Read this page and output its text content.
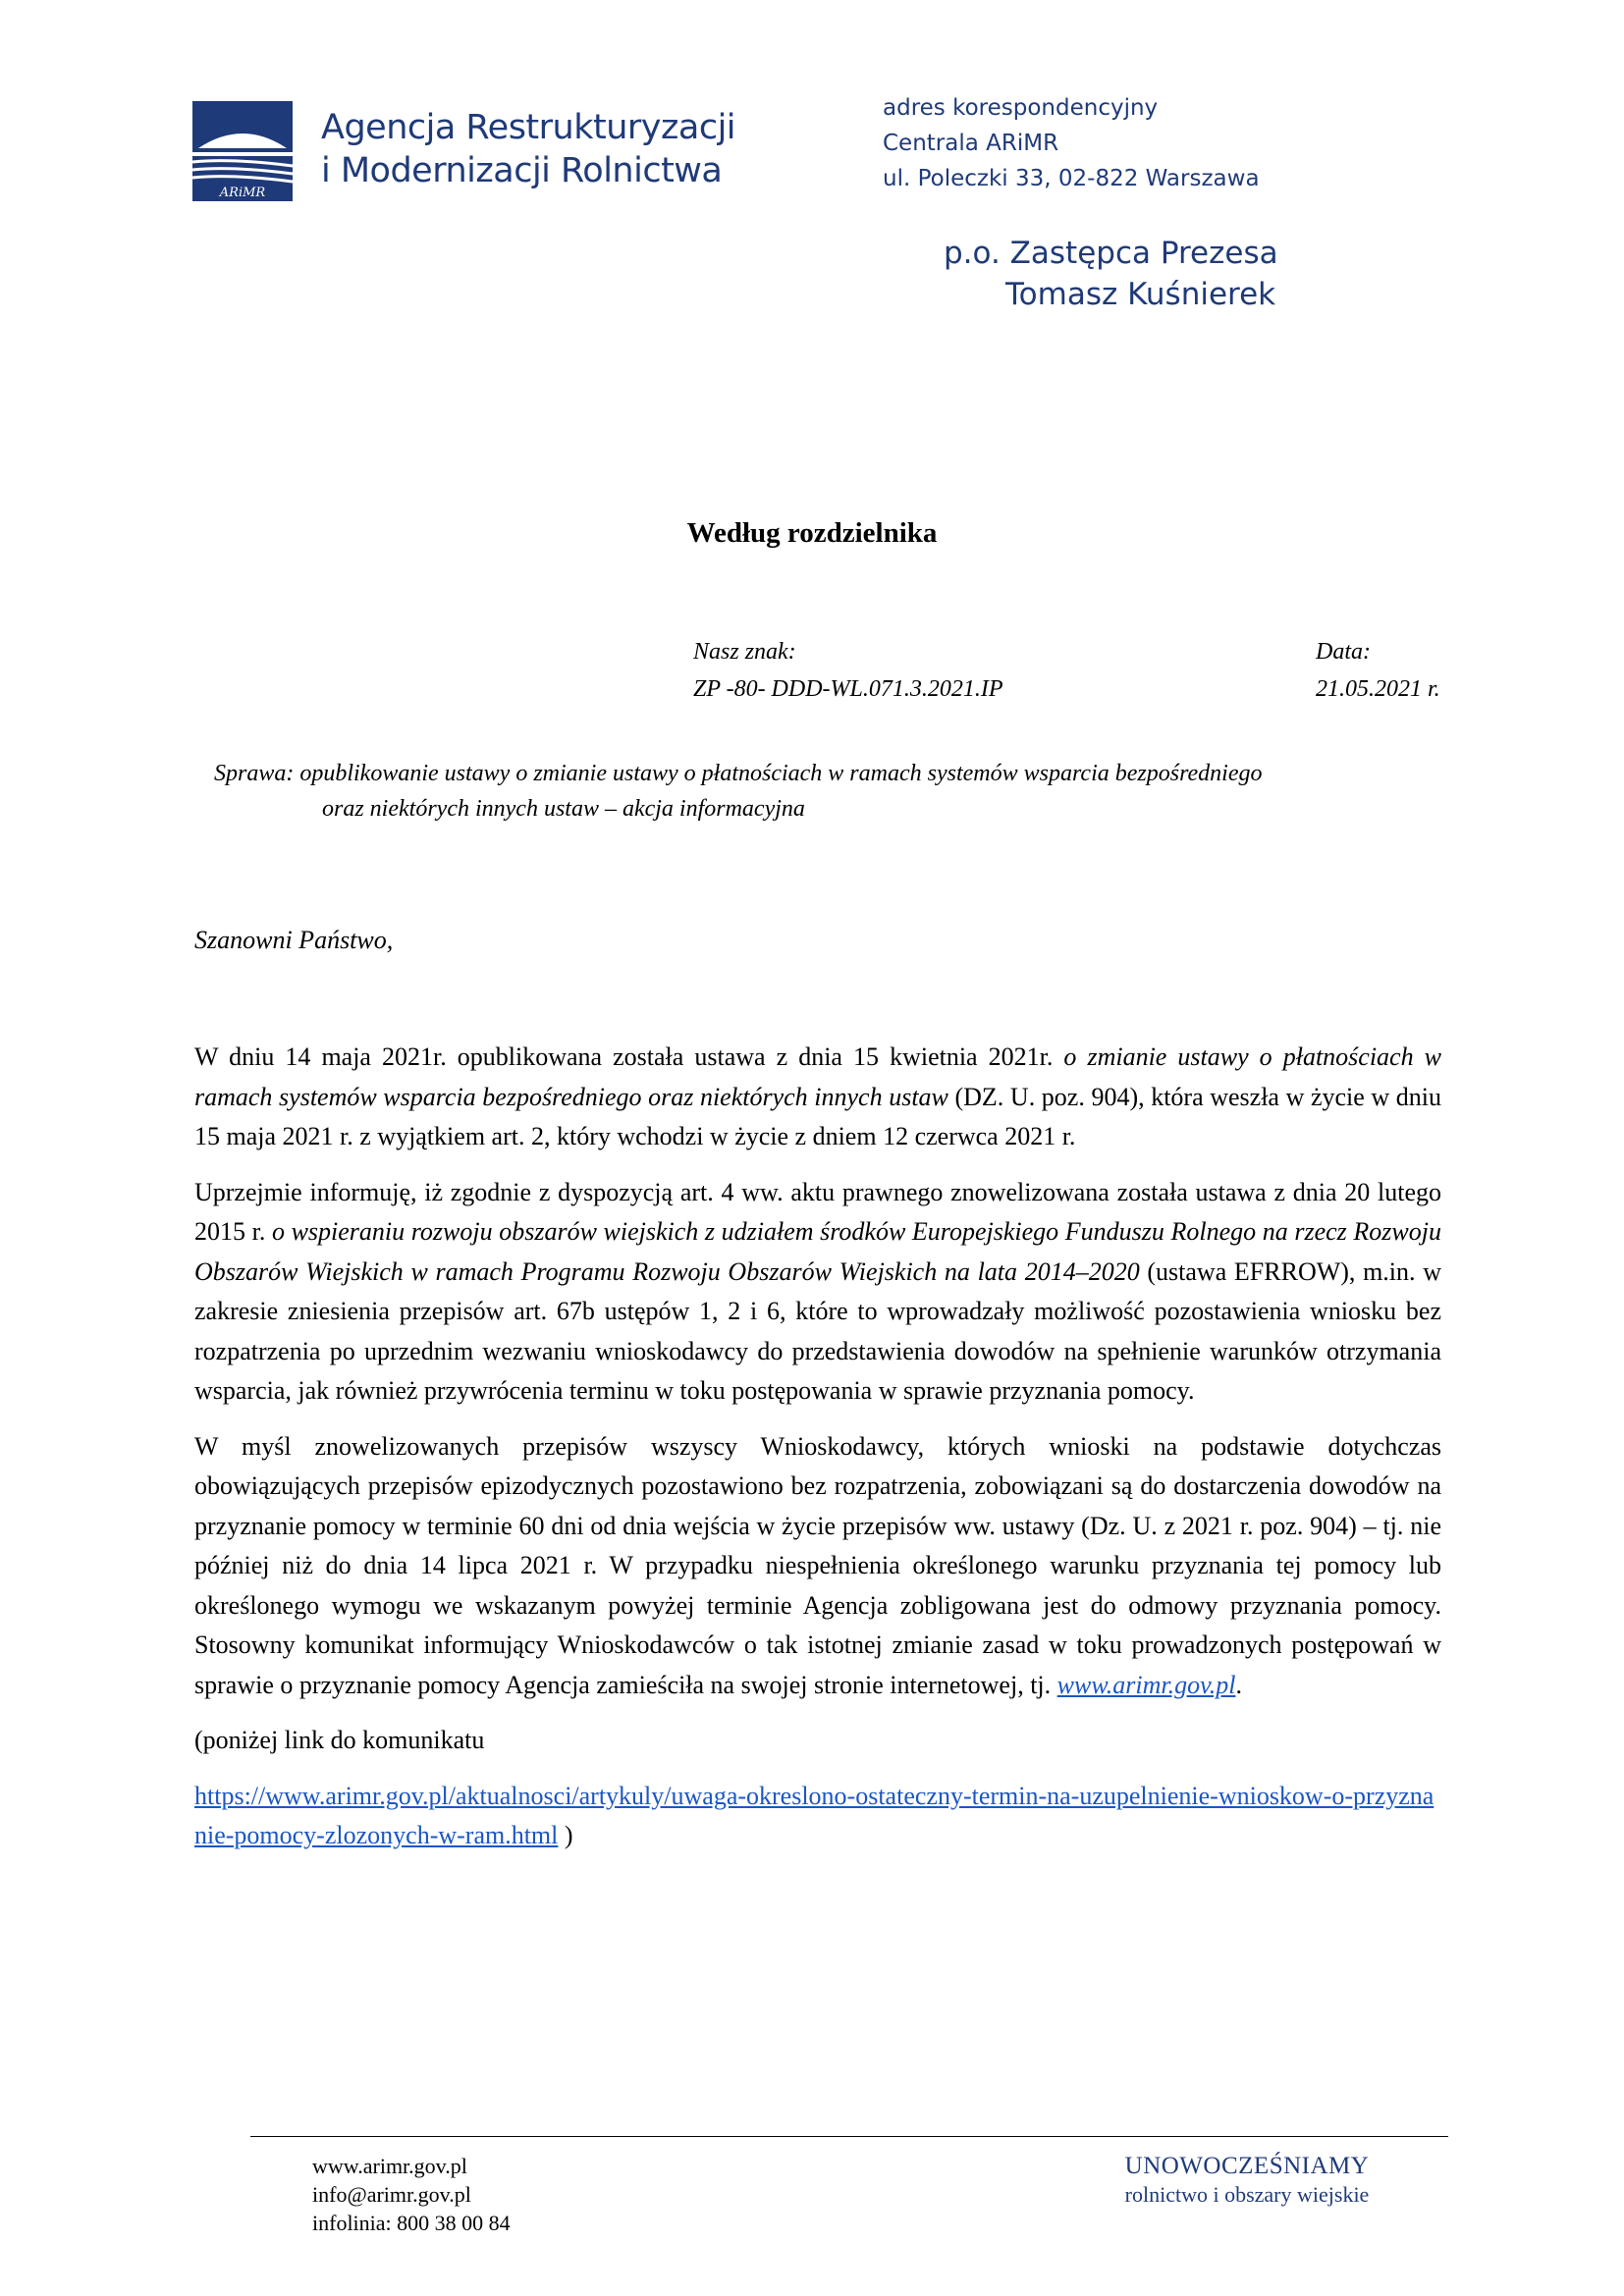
ARiMR
Agencja Restrukturyzacji
i Modernizacji Rolnictwa
adres korespondencyjny
Centrala ARiMR
ul. Poleczki 33, 02-822 Warszawa
p.o. Zastępca Prezesa
Tomasz Kuśnierek
Według rozdzielnika
Nasz znak:
ZP -80- DDD-WL.071.3.2021.IP
Data:
21.05.2021 r.
Sprawa: opublikowanie ustawy o zmianie ustawy o płatnościach w ramach systemów wsparcia bezpośredniego
oraz niektórych innych ustaw – akcja informacyjna
Szanowni Państwo,

W dniu 14 maja 2021r. opublikowana została ustawa z dnia 15 kwietnia 2021r. o zmianie ustawy o płatnościach w ramach systemów wsparcia bezpośredniego oraz niektórych innych ustaw (DZ. U. poz. 904), która weszła w życie w dniu 15 maja 2021 r. z wyjątkiem art. 2, który wchodzi w życie z dniem 12 czerwca 2021 r.

Uprzejmie informuję, iż zgodnie z dyspozycją art. 4 ww. aktu prawnego znowelizowana została ustawa z dnia 20 lutego 2015 r. o wspieraniu rozwoju obszarów wiejskich z udziałem środków Europejskiego Funduszu Rolnego na rzecz Rozwoju Obszarów Wiejskich w ramach Programu Rozwoju Obszarów Wiejskich na lata 2014–2020 (ustawa EFRROW), m.in. w zakresie zniesienia przepisów art. 67b ustępów 1, 2 i 6, które to wprowadzały możliwość pozostawienia wniosku bez rozpatrzenia po uprzednim wezwaniu wnioskodawcy do przedstawienia dowodów na spełnienie warunków otrzymania wsparcia, jak również przywrócenia terminu w toku postępowania w sprawie przyznania pomocy.

W myśl znowelizowanych przepisów wszyscy Wnioskodawcy, których wnioski na podstawie dotychczas obowiązujących przepisów epizodycznych pozostawiono bez rozpatrzenia, zobowiązani są do dostarczenia dowodów na przyznanie pomocy w terminie 60 dni od dnia wejścia w życie przepisów ww. ustawy (Dz. U. z 2021 r. poz. 904) – tj. nie później niż do dnia 14 lipca 2021 r. W przypadku niespełnienia określonego warunku przyznania tej pomocy lub określonego wymogu we wskazanym powyżej terminie Agencja zobligowana jest do odmowy przyznania pomocy. Stosowny komunikat informujący Wnioskodawców o tak istotnej zmianie zasad w toku prowadzonych postępowań w sprawie o przyznanie pomocy Agencja zamieściła na swojej stronie internetowej, tj. www.arimr.gov.pl.

(poniżej link do komunikatu

https://www.arimr.gov.pl/aktualnosci/artykuly/uwaga-okreslono-ostateczny-termin-na-uzupelnienie-wnioskow-o-przyznanie-pomocy-zlozonych-w-ram.html )

www.arimr.gov.pl
info@arimr.gov.pl
infolinia: 800 38 00 84
UNOWOCZEŚNIAMY
rolnictwo i obszary wiejskie
